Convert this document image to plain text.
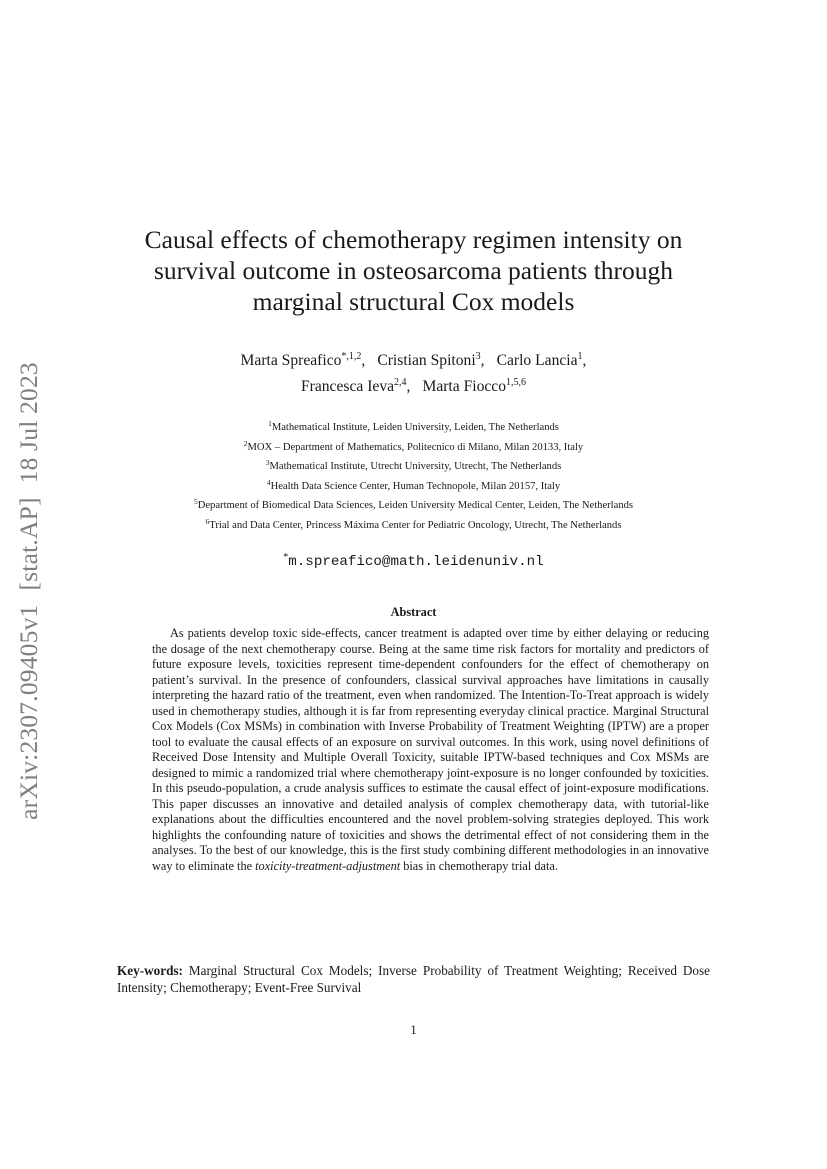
arXiv:2307.09405v1[stat.AP]18 Jul 2023
Causal effects of chemotherapy regimen intensity on
survival outcome in osteosarcoma patients through
marginal structural Cox models
Marta Spreafico$^{*,1,2}$, Cristian Spitoni$^3$, Carlo Lancia$^1$,
Francesca Ieva$^{2,4}$, Marta Fiocco$^{1,5,6}$
$^1$Mathematical Institute, Leiden University, Leiden, The Netherlands
$^2$MOX – Department of Mathematics, Politecnico di Milano, Milan 20133, Italy
$^3$Mathematical Institute, Utrecht University, Utrecht, The Netherlands
$^4$Health Data Science Center, Human Technopole, Milan 20157, Italy
$^5$Department of Biomedical Data Sciences, Leiden University Medical Center, Leiden, The Netherlands
$^6$Trial and Data Center, Princess Máxima Center for Pediatric Oncology, Utrecht, The Netherlands
*m.spreafico@math.leidenuniv.nl
Abstract

As patients develop toxic side-effects, cancer treatment is adapted over time by either delaying or reducing the dosage of the next chemotherapy course. Being at the same time risk factors for mortality and predictors of future exposure levels, toxicities represent time-dependent confounders for the effect of chemotherapy on patient’s survival. In the presence of confounders, classical survival approaches have limitations in causally interpreting the hazard ratio of the treatment, even when randomized. The Intention-To-Treat approach is widely used in chemotherapy studies, although it is far from representing everyday clinical practice. Marginal Structural Cox Models (Cox MSMs) in combination with Inverse Probability of Treatment Weighting (IPTW) are a proper tool to evaluate the causal effects of an exposure on survival outcomes. In this work, using novel definitions of Received Dose Intensity and Multiple Overall Toxicity, suitable IPTW-based techniques and Cox MSMs are designed to mimic a randomized trial where chemotherapy joint-exposure is no longer confounded by toxicities. In this pseudo-population, a crude analysis suffices to estimate the causal effect of joint-exposure modifications. This paper discusses an innovative and detailed analysis of complex chemotherapy data, with tutorial-like explanations about the difficulties encountered and the novel problem-solving strategies deployed. This work highlights the confounding nature of toxicities and shows the detrimental effect of not considering them in the analyses. To the best of our knowledge, this is the first study combining different methodologies in an innovative way to eliminate the toxicity-treatment-adjustment bias in chemotherapy trial data.

Key-words: Marginal Structural Cox Models; Inverse Probability of Treatment Weighting; Received Dose Intensity; Chemotherapy; Event-Free Survival

1
